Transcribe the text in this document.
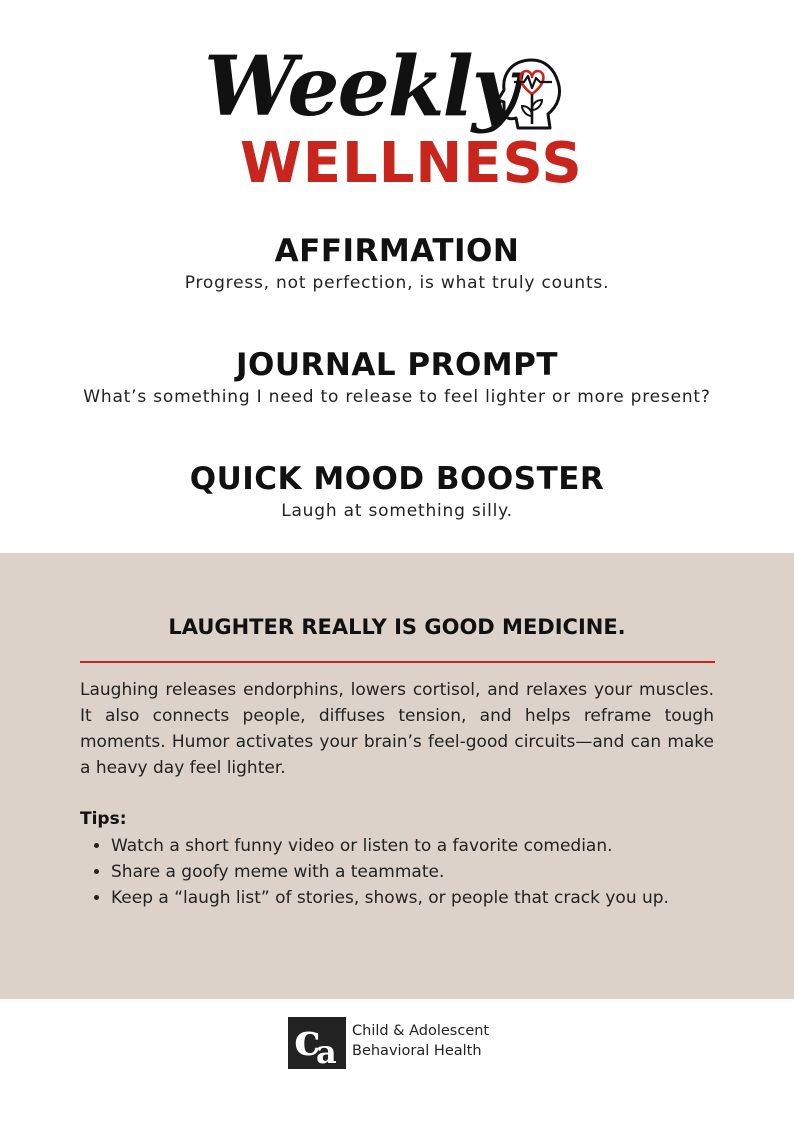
Weekly
WELLNESS
AFFIRMATION

Progress, not perfection, is what truly counts.

JOURNAL PROMPT

What’s something I need to release to feel lighter or more present?

QUICK MOOD BOOSTER

Laugh at something silly.

LAUGHTER REALLY IS GOOD MEDICINE.

Laughing releases endorphins, lowers cortisol, and relaxes your muscles. It also connects people, diffuses tension, and helps reframe tough moments. Humor activates your brain’s feel-good circuits—and can make a heavy day feel lighter.

Tips:
• Watch a short funny video or listen to a favorite comedian.
• Share a goofy meme with a teammate.
• Keep a “laugh list” of stories, shows, or people that crack you up.
c
a
Child & Adolescent
Behavioral Health
